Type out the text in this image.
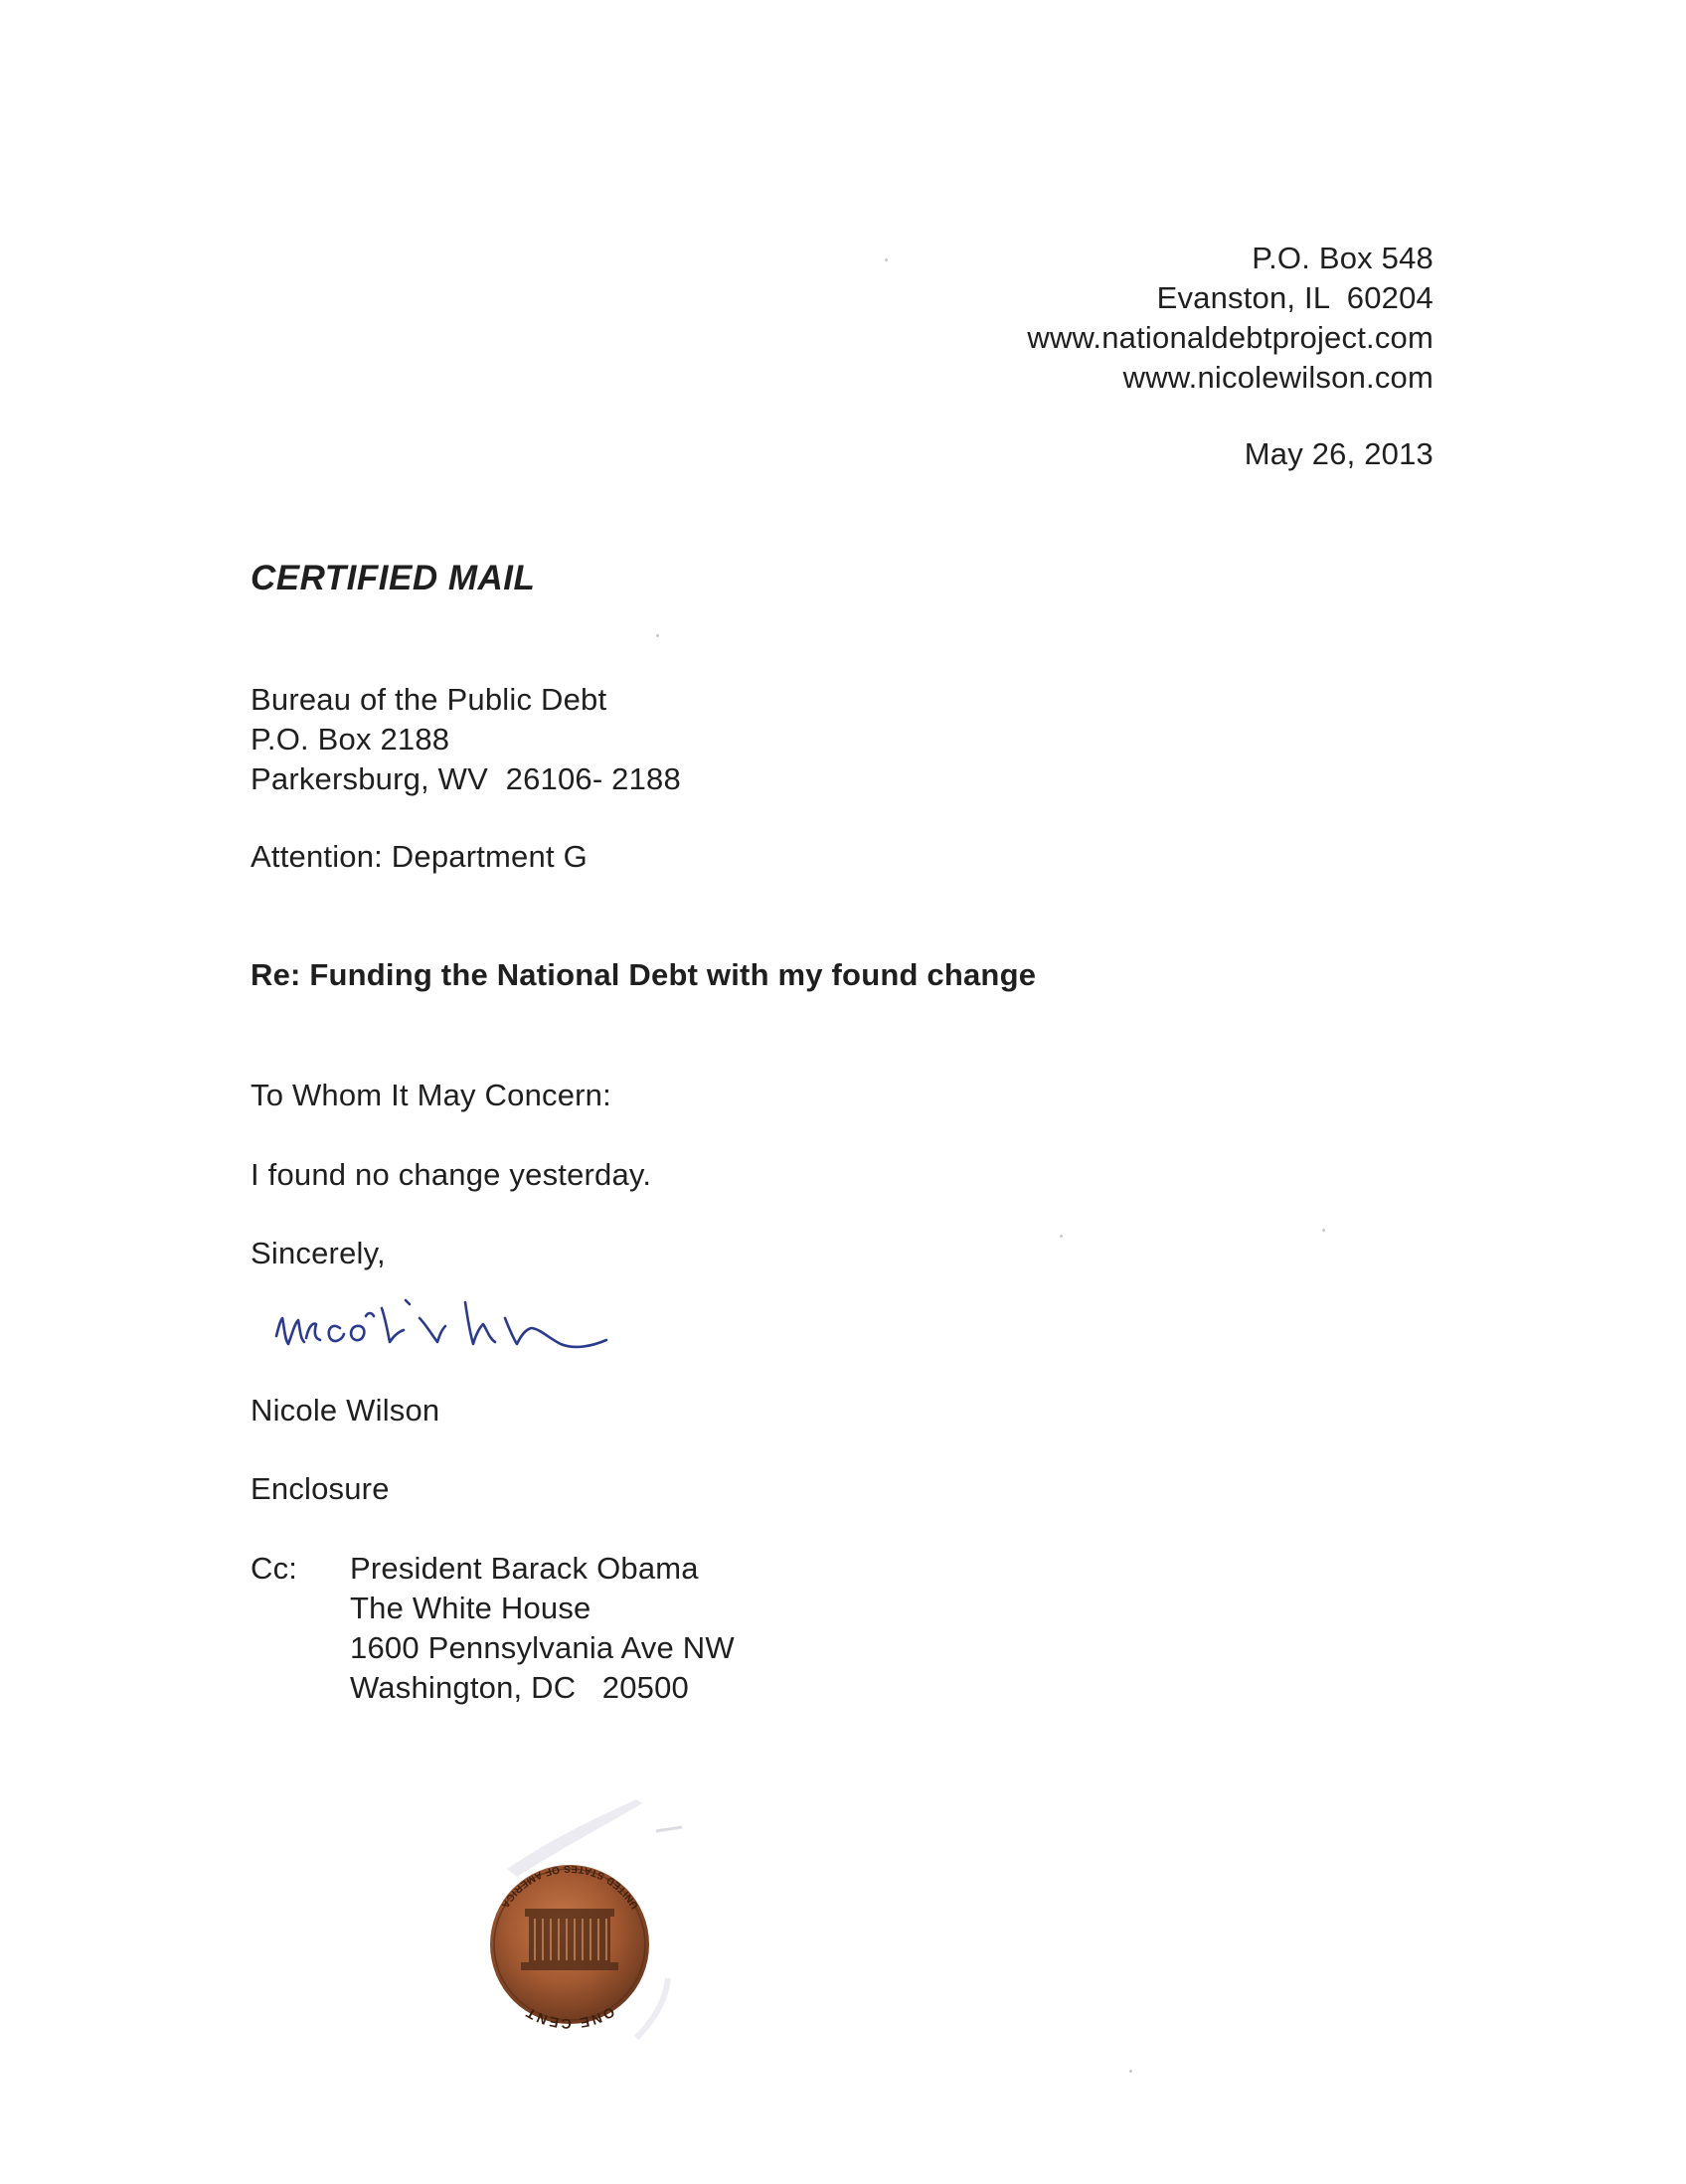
P.O. Box 548
Evanston, IL  60204
www.nationaldebtproject.com
www.nicolewilson.com
May 26, 2013
CERTIFIED MAIL
Bureau of the Public Debt
P.O. Box 2188
Parkersburg, WV  26106- 2188
Attention: Department G
Re: Funding the National Debt with my found change
To Whom It May Concern:
I found no change yesterday.
Sincerely,
Nicole Wilson
Enclosure
Cc: President Barack Obama
The White House
1600 Pennsylvania Ave NW
Washington, DC   20500
ONE CENT
UNITED STATES OF AMERICA
